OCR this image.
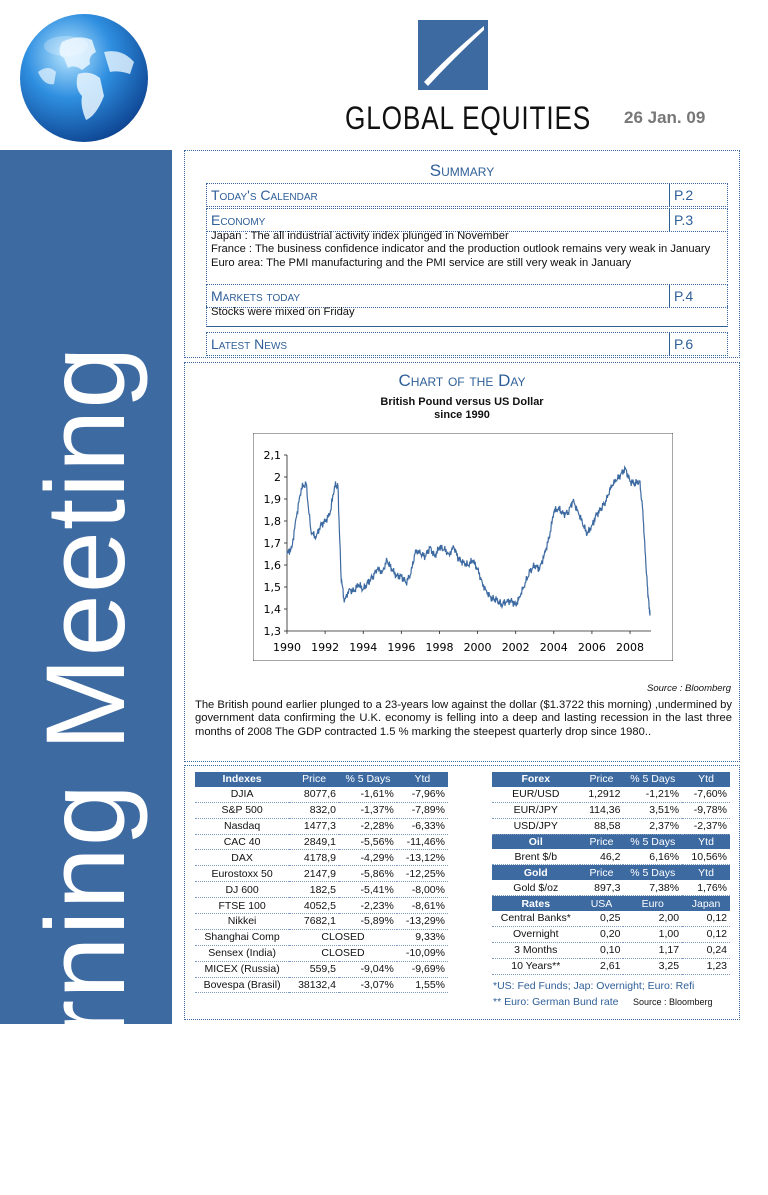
GLOBAL EQUITIES 26 Jan. 09
Morning Meeting
Summary
Today's Calendar	P.2
Economy	P.3

Japan : The all industrial activity index plunged in November

France : The business confidence indicator and the production outlook remains very weak in January

Euro area: The PMI manufacturing and the PMI service are still very weak in January

Markets today	P.4

Stocks were mixed on Friday

Latest News	P.6
Chart of the Day
British Pound versus US Dollar
since 1990
2,1
2
1,9
1,8
1,7
1,6
1,5
1,4
1,3
1990 1992 1994 1996 1998 2000 2002 2004 2006 2008
Source : Bloomberg

The British pound earlier plunged to a 23-years low against the dollar ($1.3722 this morning) ,undermined by government data confirming the U.K. economy is felling into a deep and lasting recession in the last three months of 2008 The GDP contracted 1.5 % marking the steepest quarterly drop since 1980..

Indexes	Price	% 5 Days	Ytd
DJIA	8077,6	-1,61%	-7,96%
S&P 500	832,0	-1,37%	-7,89%
Nasdaq	1477,3	-2,28%	-6,33%
CAC 40	2849,1	-5,56%	-11,46%
DAX	4178,9	-4,29%	-13,12%
Eurostoxx 50	2147,9	-5,86%	-12,25%
DJ 600	182,5	-5,41%	-8,00%
FTSE 100	4052,5	-2,23%	-8,61%
Nikkei	7682,1	-5,89%	-13,29%
Shanghai Comp	CLOSED		9,33%
Sensex (India)	CLOSED		-10,09%
MICEX (Russia)	559,5	-9,04%	-9,69%
Bovespa (Brasil)	38132,4	-3,07%	1,55%
Forex	Price	% 5 Days	Ytd
EUR/USD	1,2912	-1,21%	-7,60%
EUR/JPY	114,36	3,51%	-9,78%
USD/JPY	88,58	2,37%	-2,37%
Oil	Price	% 5 Days	Ytd
Brent $/b	46,2	6,16%	10,56%
Gold	Price	% 5 Days	Ytd
Gold $/oz	897,3	7,38%	1,76%
Rates	USA	Euro	Japan
Central Banks*	0,25	2,00	0,12
Overnight	0,20	1,00	0,12
3 Months	0,10	1,17	0,24
10 Years**	2,61	3,25	1,23
*US: Fed Funds; Jap: Overnight; Euro: Refi
** Euro: German Bund rate Source : Bloomberg
